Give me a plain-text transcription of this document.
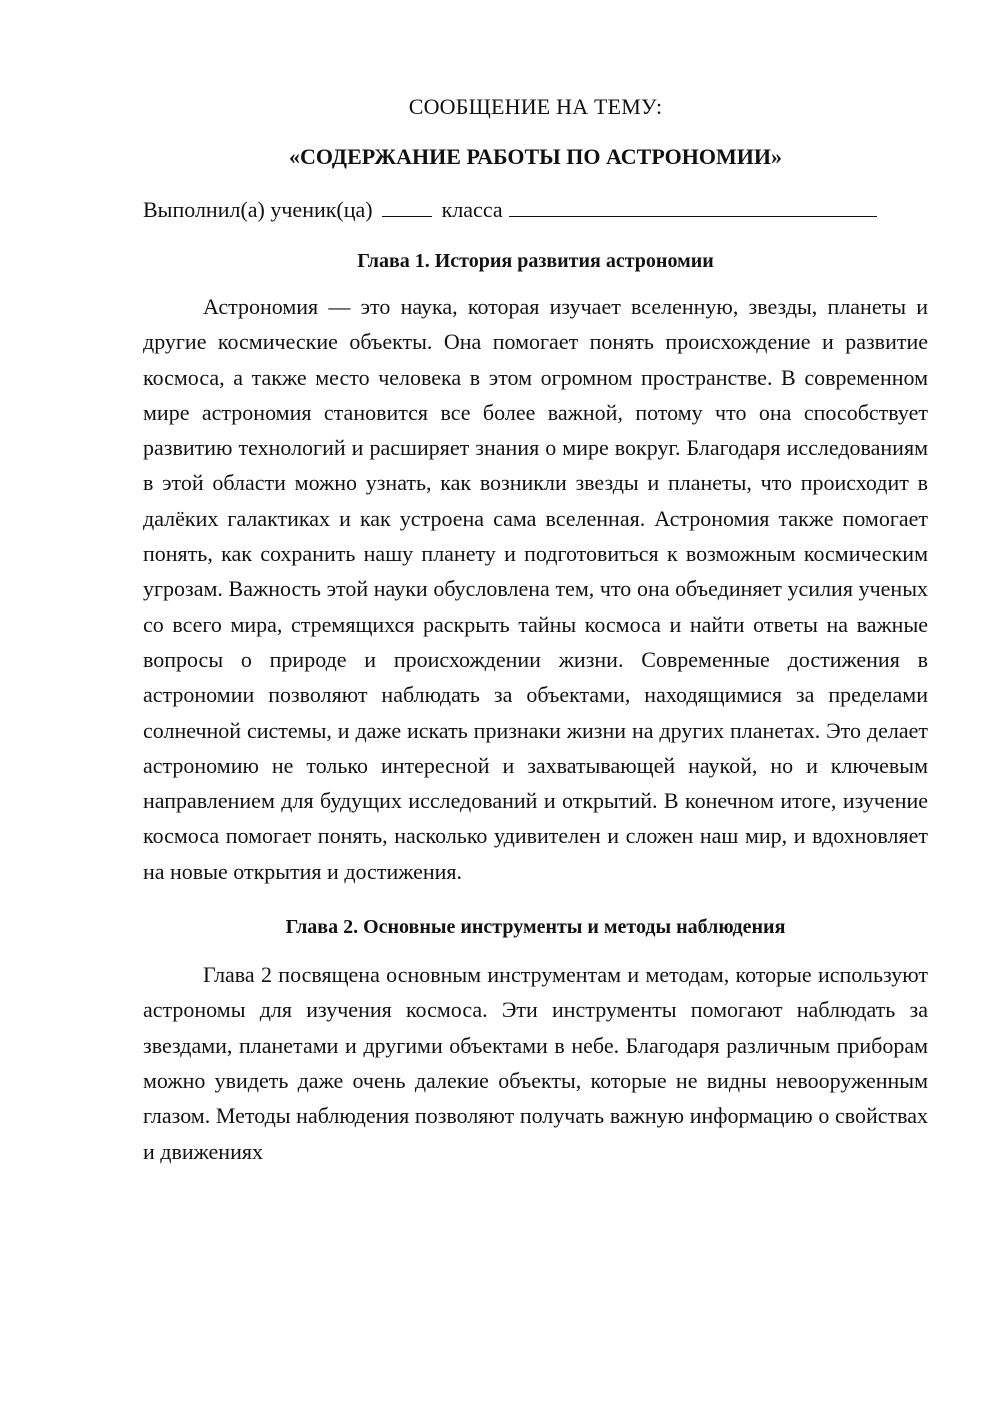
СООБЩЕНИЕ НА ТЕМУ:

«СОДЕРЖАНИЕ РАБОТЫ ПО АСТРОНОМИИ»

Выполнил(а) ученик(ца)	класса

Глава 1. История развития астрономии

Астрономия — это наука, которая изучает вселенную, звезды, планеты и другие космические объекты. Она помогает понять происхождение и развитие космоса, а также место человека в этом огромном пространстве. В современном мире астрономия становится все более важной, потому что она способствует развитию технологий и расширяет знания о мире вокруг. Благодаря исследованиям в этой области можно узнать, как возникли звезды и планеты, что происходит в далёких галактиках и как устроена сама вселенная. Астрономия также помогает понять, как сохранить нашу планету и подготовиться к возможным космическим угрозам. Важность этой науки обусловлена тем, что она объединяет усилия ученых со всего мира, стремящихся раскрыть тайны космоса и найти ответы на важные вопросы о природе и происхождении жизни. Современные достижения в астрономии позволяют наблюдать за объектами, находящимися за пределами солнечной системы, и даже искать признаки жизни на других планетах. Это делает астрономию не только интересной и захватывающей наукой, но и ключевым направлением для будущих исследований и открытий. В конечном итоге, изучение космоса помогает понять, насколько удивителен и сложен наш мир, и вдохновляет на новые открытия и достижения.

Глава 2. Основные инструменты и методы наблюдения

Глава 2 посвящена основным инструментам и методам, которые используют астрономы для изучения космоса. Эти инструменты помогают наблюдать за звездами, планетами и другими объектами в небе. Благодаря различным приборам можно увидеть даже очень далекие объекты, которые не видны невооруженным глазом. Методы наблюдения позволяют получать важную информацию о свойствах и движениях
